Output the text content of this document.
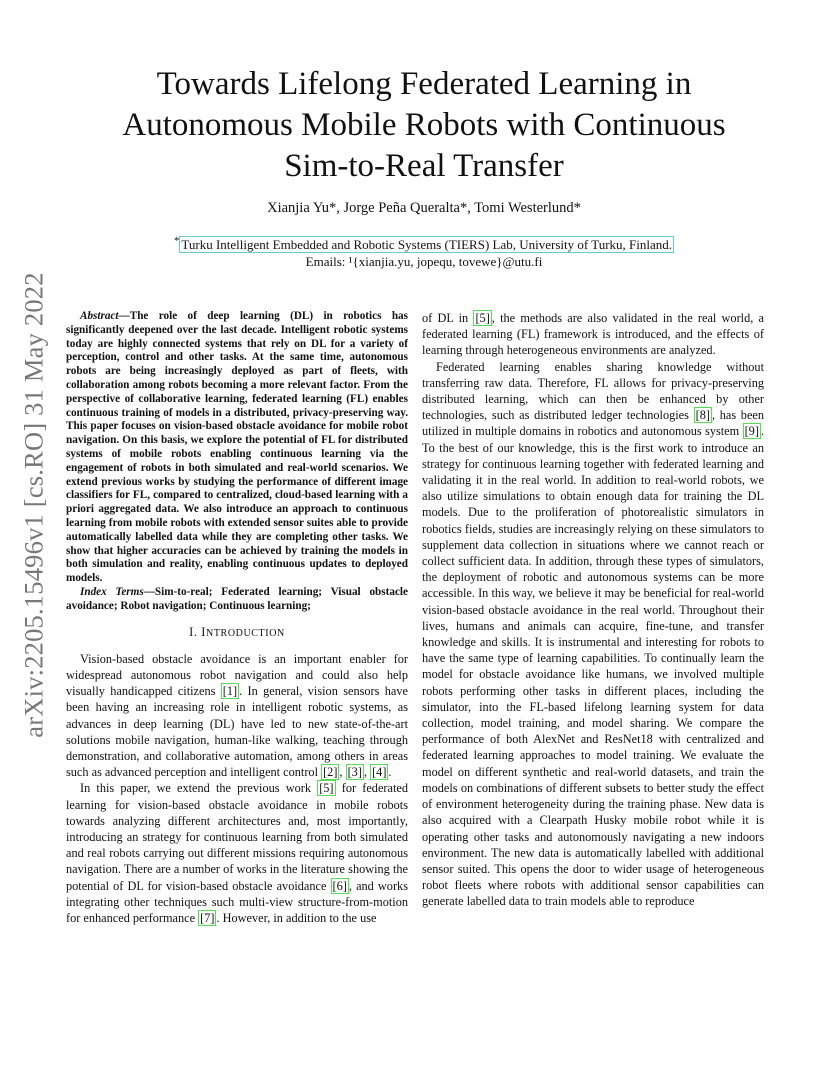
arXiv:2205.15496v1 [cs.RO] 31 May 2022
Towards Lifelong Federated Learning in
Autonomous Mobile Robots with Continuous
Sim-to-Real Transfer
Xianjia Yu*, Jorge Peña Queralta*, Tomi Westerlund*
* Turku Intelligent Embedded and Robotic Systems (TIERS) Lab, University of Turku, Finland.
Emails: ¹{xianjia.yu, jopequ, tovewe}@utu.fi

Abstract—The role of deep learning (DL) in robotics has significantly deepened over the last decade. Intelligent robotic systems today are highly connected systems that rely on DL for a variety of perception, control and other tasks. At the same time, autonomous robots are being increasingly deployed as part of fleets, with collaboration among robots becoming a more relevant factor. From the perspective of collaborative learning, federated learning (FL) enables continuous training of models in a distributed, privacy-preserving way. This paper focuses on vision-based obstacle avoidance for mobile robot navigation. On this basis, we explore the potential of FL for distributed systems of mobile robots enabling continuous learning via the engagement of robots in both simulated and real-world scenarios. We extend previous works by studying the performance of different image classifiers for FL, compared to centralized, cloud-based learning with a priori aggregated data. We also introduce an approach to continuous learning from mobile robots with extended sensor suites able to provide automatically labelled data while they are completing other tasks. We show that higher accuracies can be achieved by training the models in both simulation and reality, enabling continuous updates to deployed models.

Index Terms—Sim-to-real; Federated learning; Visual obstacle avoidance; Robot navigation; Continuous learning;

I. INTRODUCTION

Vision-based obstacle avoidance is an important enabler for widespread autonomous robot navigation and could also help visually handicapped citizens [1] . In general, vision sensors have been having an increasing role in intelligent robotic systems, as advances in deep learning (DL) have led to new state-of-the-art solutions mobile navigation, human-like walking, teaching through demonstration, and collaborative automation, among others in areas such as advanced perception and intelligent control [2] , [3] , [4] .

In this paper, we extend the previous work [5] for federated learning for vision-based obstacle avoidance in mobile robots towards analyzing different architectures and, most importantly, introducing an strategy for continuous learning from both simulated and real robots carrying out different missions requiring autonomous navigation. There are a number of works in the literature showing the potential of DL for vision-based obstacle avoidance [6] , and works integrating other techniques such multi-view structure-from-motion for enhanced performance [7] . However, in addition to the use

of DL in [5] , the methods are also validated in the real world, a federated learning (FL) framework is introduced, and the effects of learning through heterogeneous environments are analyzed.

Federated learning enables sharing knowledge without transferring raw data. Therefore, FL allows for privacy-preserving distributed learning, which can then be enhanced by other technologies, such as distributed ledger technologies [8] , has been utilized in multiple domains in robotics and autonomous system [9] . To the best of our knowledge, this is the first work to introduce an strategy for continuous learning together with federated learning and validating it in the real world. In addition to real-world robots, we also utilize simulations to obtain enough data for training the DL models. Due to the proliferation of photorealistic simulators in robotics fields, studies are increasingly relying on these simulators to supplement data collection in situations where we cannot reach or collect sufficient data. In addition, through these types of simulators, the deployment of robotic and autonomous systems can be more accessible. In this way, we believe it may be beneficial for real-world vision-based obstacle avoidance in the real world. Throughout their lives, humans and animals can acquire, fine-tune, and transfer knowledge and skills. It is instrumental and interesting for robots to have the same type of learning capabilities. To continually learn the model for obstacle avoidance like humans, we involved multiple robots performing other tasks in different places, including the simulator, into the FL-based lifelong learning system for data collection, model training, and model sharing. We compare the performance of both AlexNet and ResNet18 with centralized and federated learning approaches to model training. We evaluate the model on different synthetic and real-world datasets, and train the models on combinations of different subsets to better study the effect of environment heterogeneity during the training phase. New data is also acquired with a Clearpath Husky mobile robot while it is operating other tasks and autonomously navigating a new indoors environment. The new data is automatically labelled with additional sensor suited. This opens the door to wider usage of heterogeneous robot fleets where robots with additional sensor capabilities can generate labelled data to train models able to reproduce
